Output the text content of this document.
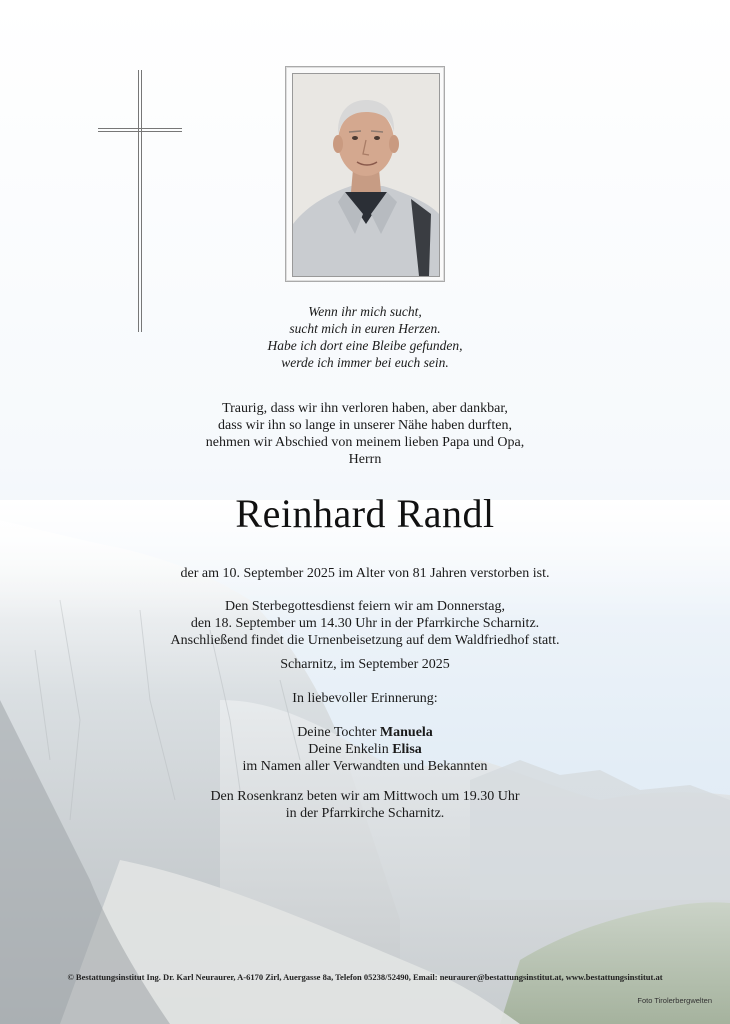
Wenn ihr mich sucht,
sucht mich in euren Herzen.
Habe ich dort eine Bleibe gefunden,
werde ich immer bei euch sein.
Traurig, dass wir ihn verloren haben, aber dankbar,
dass wir ihn so lange in unserer Nähe haben durften,
nehmen wir Abschied von meinem lieben Papa und Opa,
Herrn
Reinhard Randl
der am 10. September 2025 im Alter von 81 Jahren verstorben ist.
Den Sterbegottesdienst feiern wir am Donnerstag,
den 18. September um 14.30 Uhr in der Pfarrkirche Scharnitz.
Anschließend findet die Urnenbeisetzung auf dem Waldfriedhof statt.
Scharnitz, im September 2025
In liebevoller Erinnerung:
Deine Tochter Manuela
Deine Enkelin Elisa
im Namen aller Verwandten und Bekannten
Den Rosenkranz beten wir am Mittwoch um 19.30 Uhr
in der Pfarrkirche Scharnitz.
© Bestattungsinstitut Ing. Dr. Karl Neuraurer, A-6170 Zirl, Auergasse 8a, Telefon 05238/52490, Email: neuraurer@bestattungsinstitut.at, www.bestattungsinstitut.at
Foto Tirolerbergwelten
